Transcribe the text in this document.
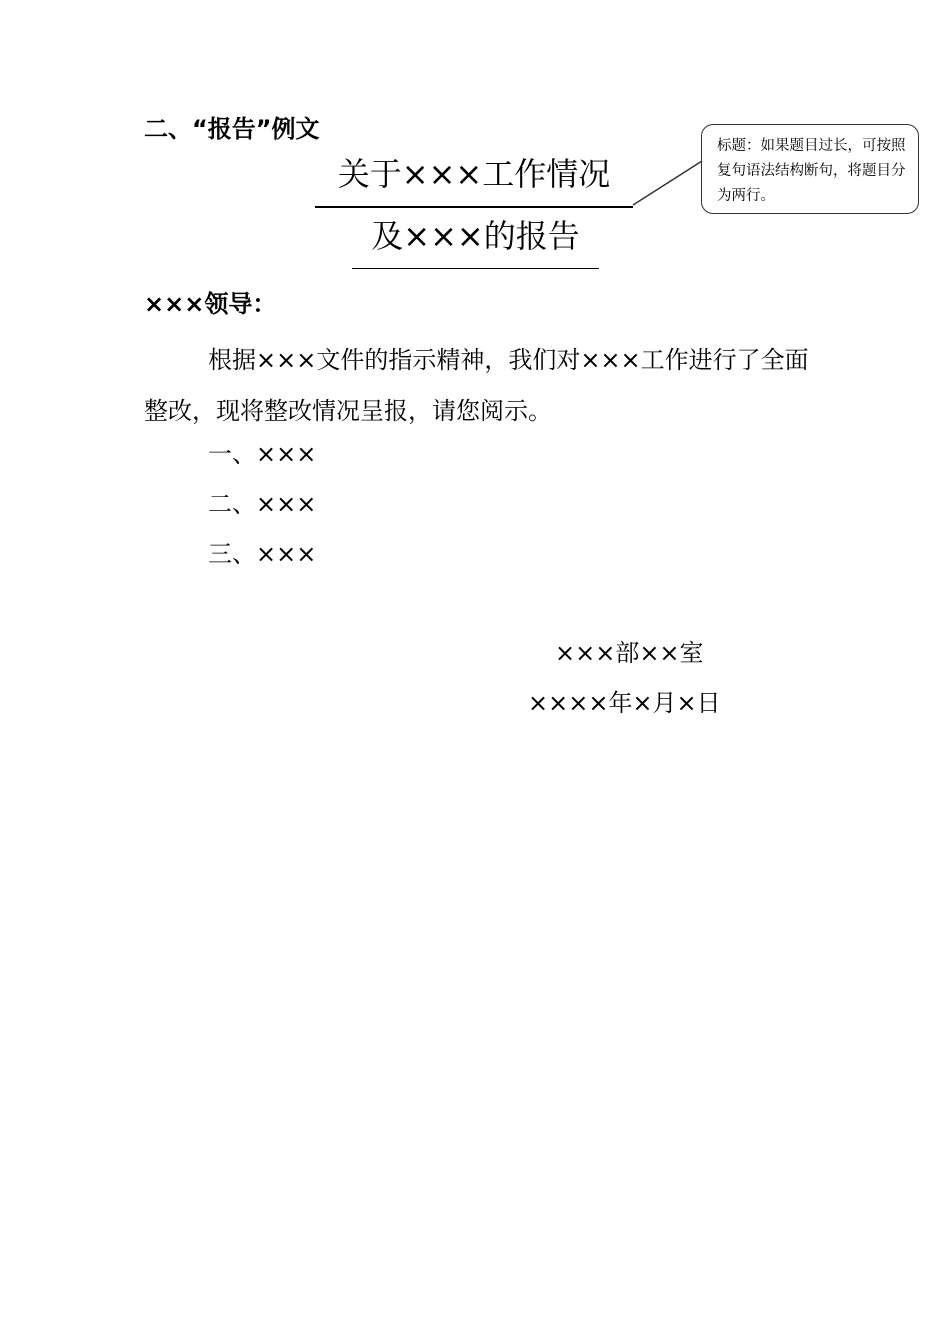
二、“报告”例文
关于×××工作情况
及×××的报告
标题：如果题目过长，可按照复句语法结构断句，将题目分为两行。
×××领导：
根据×××文件的指示精神，我们对×××工作进行了全面整改，现将整改情况呈报，请您阅示。
一、×××
二、×××
三、×××
×××部××室
××××年×月×日
